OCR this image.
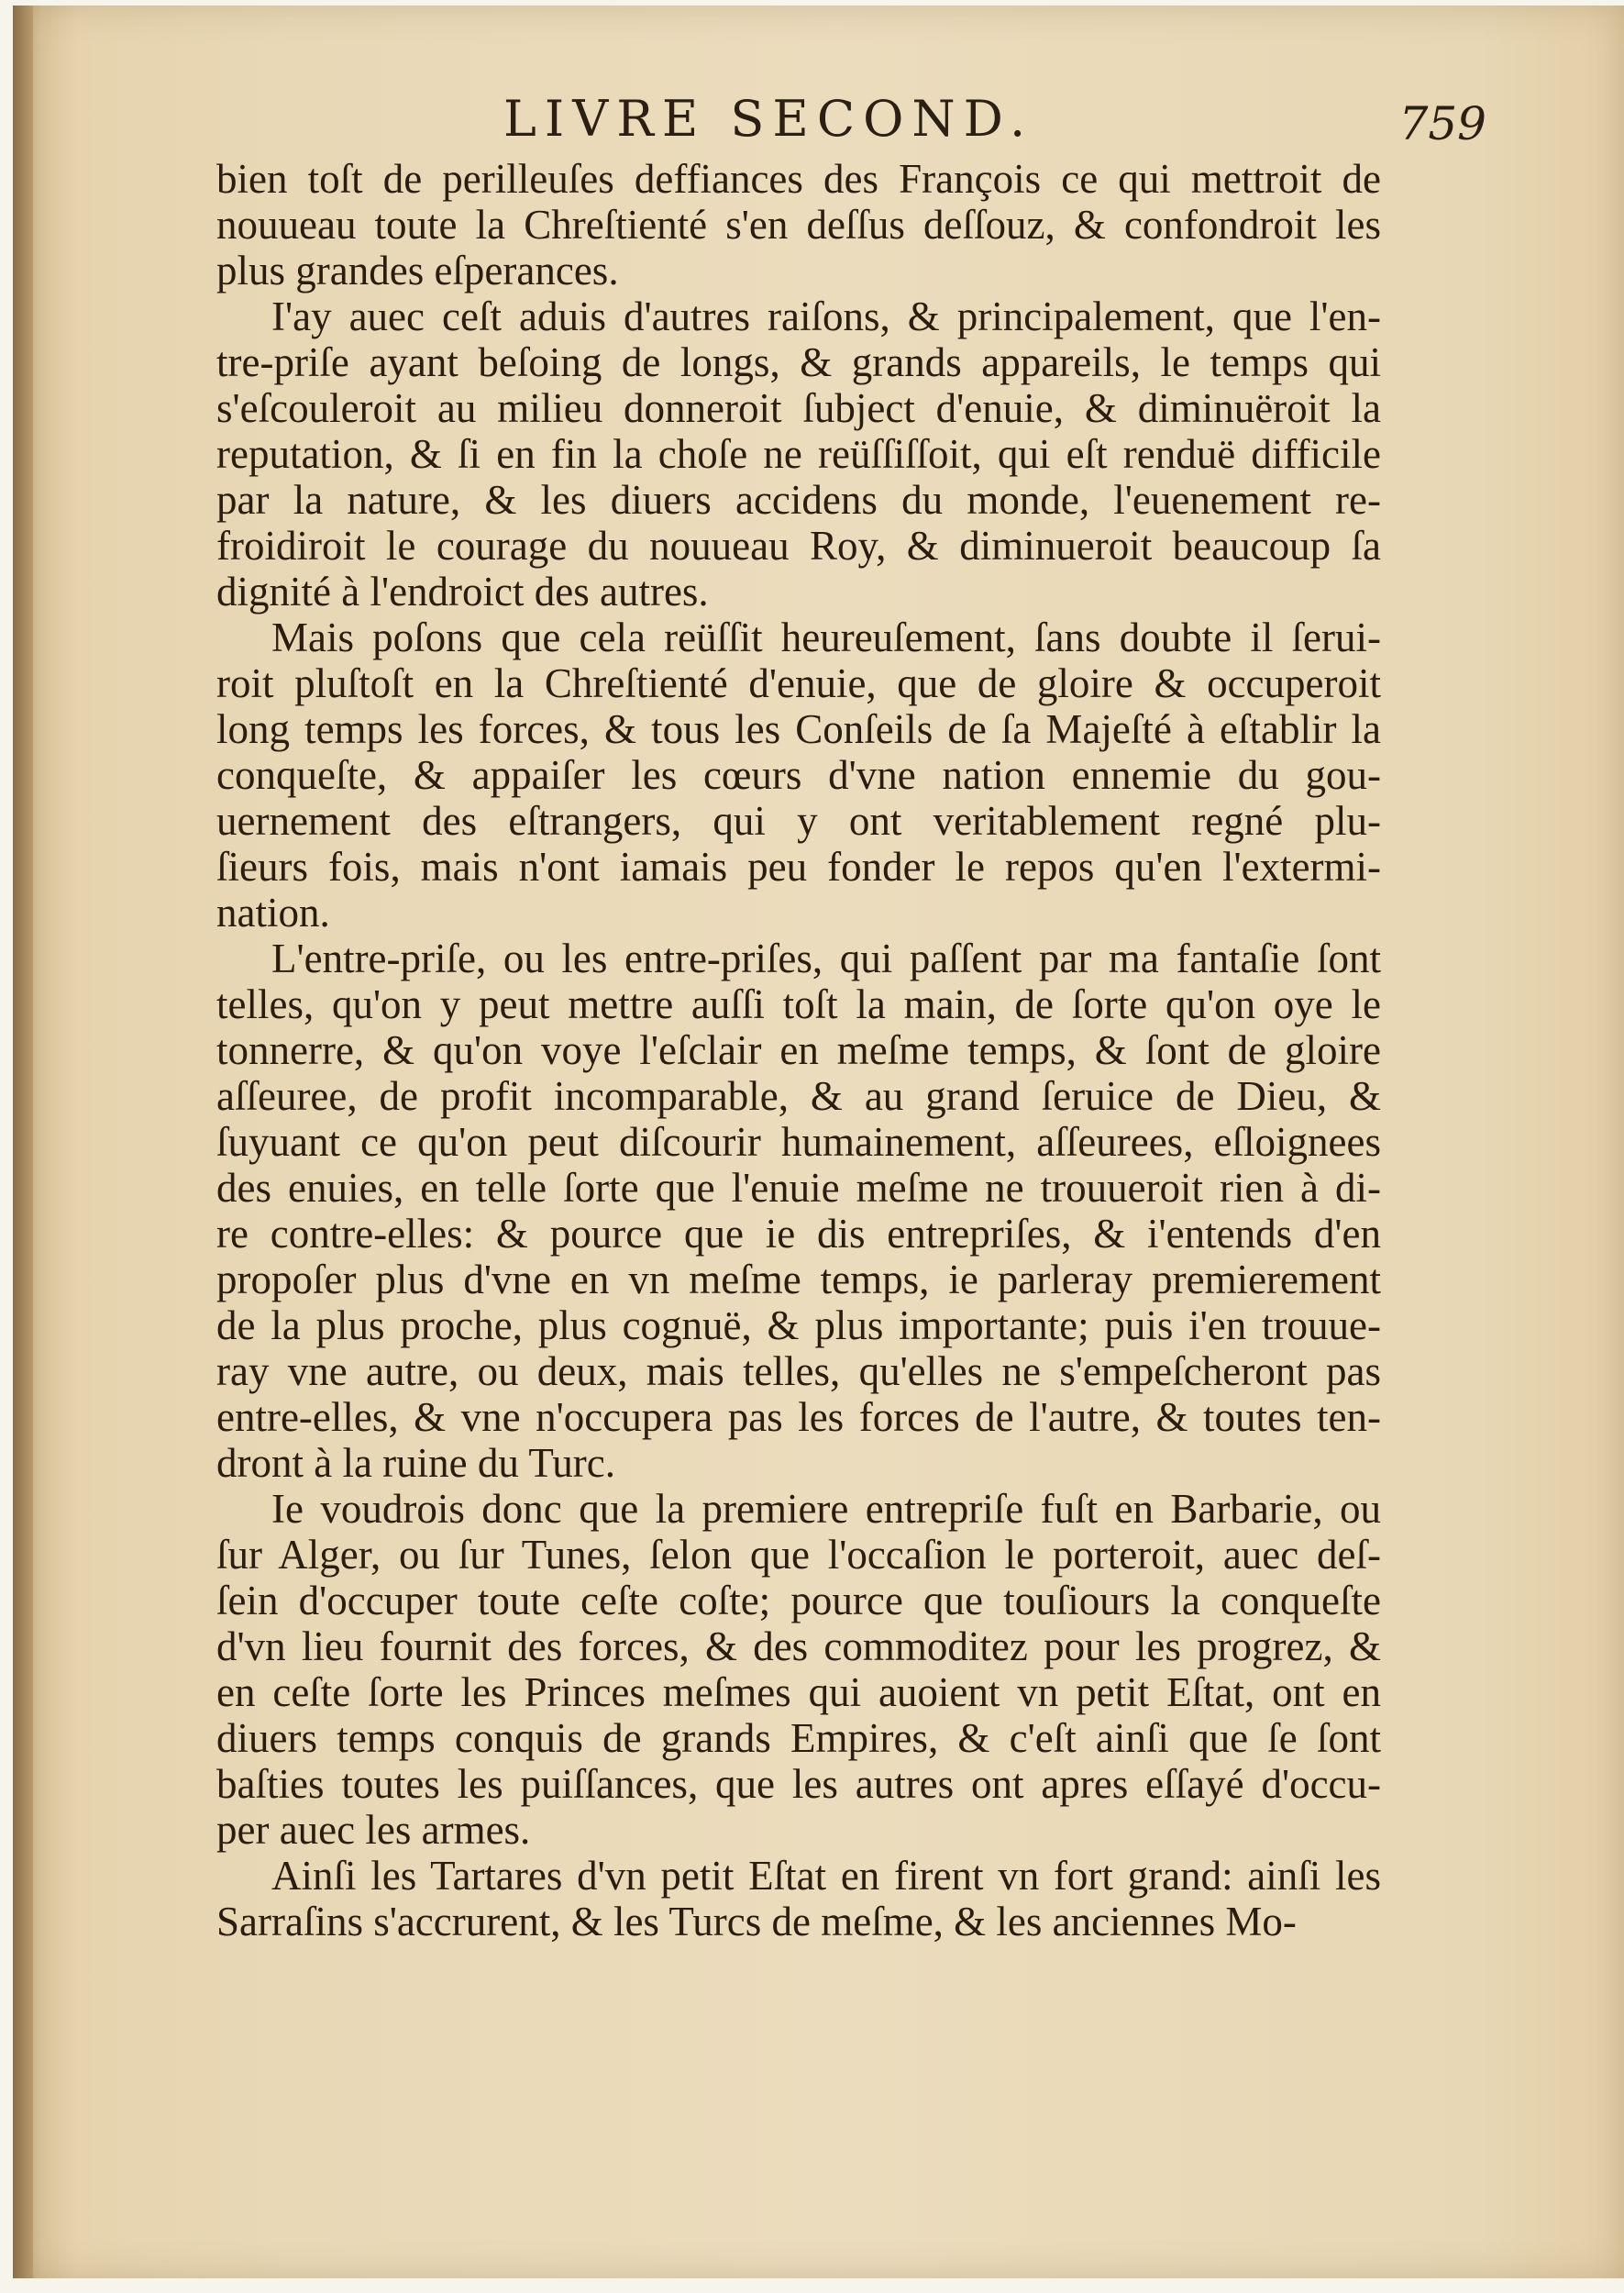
LIVRE SECOND.	759
bien toſt de perilleuſes deffiances des François ce qui mettroit de
nouueau toute la Chreſtienté s'en deſſus deſſouz, & confondroit les
plus grandes eſperances.
I'ay auec ceſt aduis d'autres raiſons, & principalement, que l'en-
tre-priſe ayant beſoing de longs, & grands appareils, le temps qui
s'eſcouleroit au milieu donneroit ſubject d'enuie, & diminuëroit la
reputation, & ſi en fin la choſe ne reüſſiſſoit, qui eſt renduë difficile
par la nature, & les diuers accidens du monde, l'euenement re-
froidiroit le courage du nouueau Roy, & diminueroit beaucoup ſa
dignité à l'endroict des autres.
Mais poſons que cela reüſſit heureuſement, ſans doubte il ſerui-
roit pluſtoſt en la Chreſtienté d'enuie, que de gloire & occuperoit
long temps les forces, & tous les Conſeils de ſa Majeſté à eſtablir la
conqueſte, & appaiſer les cœurs d'vne nation ennemie du gou-
uernement des eſtrangers, qui y ont veritablement regné plu-
ſieurs fois, mais n'ont iamais peu fonder le repos qu'en l'extermi-
nation.
L'entre-priſe, ou les entre-priſes, qui paſſent par ma fantaſie ſont
telles, qu'on y peut mettre auſſi toſt la main, de ſorte qu'on oye le
tonnerre, & qu'on voye l'eſclair en meſme temps, & ſont de gloire
aſſeuree, de profit incomparable, & au grand ſeruice de Dieu, &
ſuyuant ce qu'on peut diſcourir humainement, aſſeurees, eſloignees
des enuies, en telle ſorte que l'enuie meſme ne trouueroit rien à di-
re contre-elles: & pource que ie dis entrepriſes, & i'entends d'en
propoſer plus d'vne en vn meſme temps, ie parleray premierement
de la plus proche, plus cognuë, & plus importante; puis i'en trouue-
ray vne autre, ou deux, mais telles, qu'elles ne s'empeſcheront pas
entre-elles, & vne n'occupera pas les forces de l'autre, & toutes ten-
dront à la ruine du Turc.
Ie voudrois donc que la premiere entrepriſe fuſt en Barbarie, ou
ſur Alger, ou ſur Tunes, ſelon que l'occaſion le porteroit, auec deſ-
ſein d'occuper toute ceſte coſte; pource que touſiours la conqueſte
d'vn lieu fournit des forces, & des commoditez pour les progrez, &
en ceſte ſorte les Princes meſmes qui auoient vn petit Eſtat, ont en
diuers temps conquis de grands Empires, & c'eſt ainſi que ſe ſont
baſties toutes les puiſſances, que les autres ont apres eſſayé d'occu-
per auec les armes.
Ainſi les Tartares d'vn petit Eſtat en firent vn fort grand: ainſi les
Sarraſins s'accrurent, & les Turcs de meſme, & les anciennes Mo-
